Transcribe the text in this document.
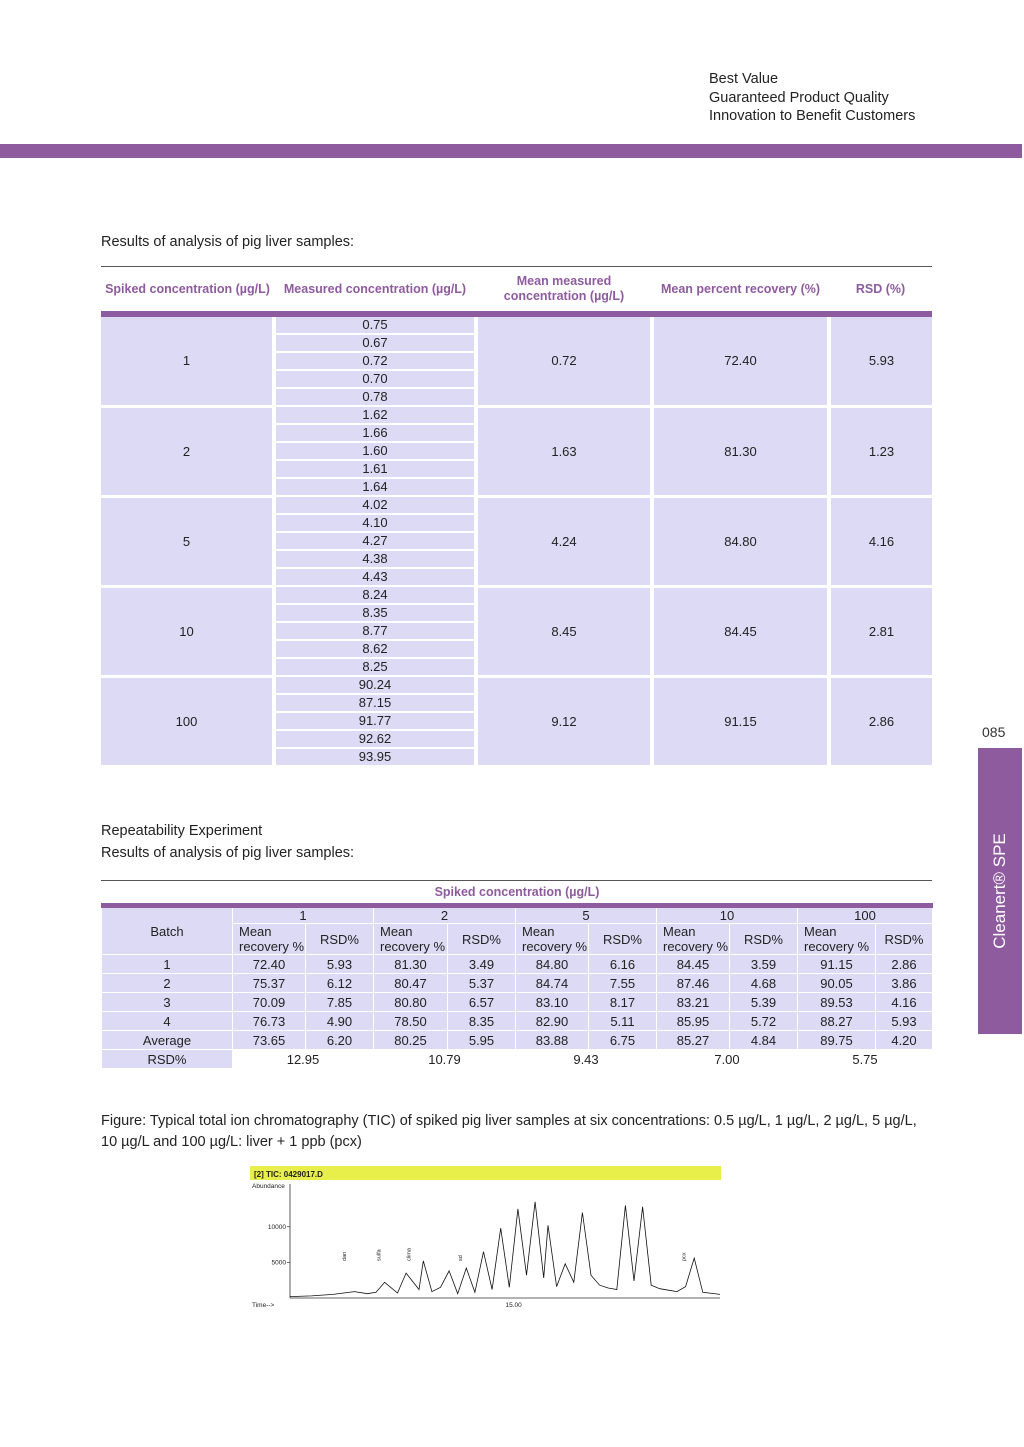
Best Value
Guaranteed Product Quality
Innovation to Benefit Customers
085
Cleanert® SPE
Results of analysis of pig liver samples:
Spiked concentration (µg/L)	Measured concentration (µg/L)	Mean measured concentration (µg/L)	Mean percent recovery (%)	RSD (%)
1	0.75	0.72	72.40	5.93
	0.67			
	0.72			
	0.70			
	0.78			
2	1.62	1.63	81.30	1.23
	1.66			
	1.60			
	1.61			
	1.64			
5	4.02	4.24	84.80	4.16
	4.10			
	4.27			
	4.38			
	4.43			
10	8.24	8.45	84.45	2.81
	8.35			
	8.77			
	8.62			
	8.25			
100	90.24	9.12	91.15	2.86
	87.15			
	91.77			
	92.62			
	93.95			
Repeatability Experiment
Results of analysis of pig liver samples:
Spiked concentration (µg/L)										
Batch	1		2		5		10		100	
	Mean recovery %	RSD%	Mean recovery %	RSD%	Mean recovery %	RSD%	Mean recovery %	RSD%	Mean recovery %	RSD%
1	72.40	5.93	81.30	3.49	84.80	6.16	84.45	3.59	91.15	2.86
2	75.37	6.12	80.47	5.37	84.74	7.55	87.46	4.68	90.05	3.86
3	70.09	7.85	80.80	6.57	83.10	8.17	83.21	5.39	89.53	4.16
4	76.73	4.90	78.50	8.35	82.90	5.11	85.95	5.72	88.27	5.93
Average	73.65	6.20	80.25	5.95	83.88	6.75	85.27	4.84	89.75	4.20
RSD%	12.95		10.79		9.43		7.00		5.75	
Figure: Typical total ion chromatography (TIC) of spiked pig liver samples at six concentrations: 0.5 µg/L, 1 µg/L, 2 µg/L, 5 µg/L, 10 µg/L and 100 µg/L: liver + 1 ppb (pcx)
[2] TIC: 0429017.D
Abundance
Time-->
10000
5000
15.00
dan	sulfa	clima	sd	pcx
